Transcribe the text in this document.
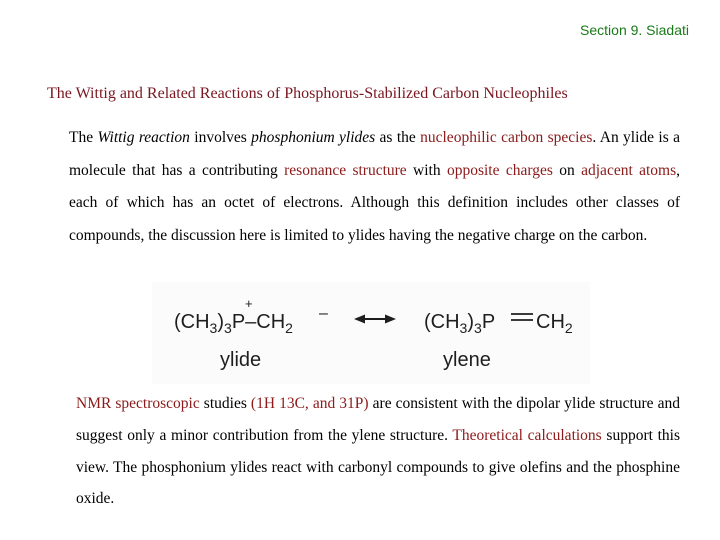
Section 9. Siadati
The Wittig and Related Reactions of Phosphorus-Stabilized Carbon Nucleophiles
The Wittig reaction involves phosphonium ylides as the nucleophilic carbon species. An ylide is a molecule that has a contributing resonance structure with opposite charges on adjacent atoms, each of which has an octet of electrons. Although this definition includes other classes of compounds, the discussion here is limited to ylides having the negative charge on the carbon.
$(CH_3)_3P-CH_2$
+
–
ylide
$(CH_3)_3P$ $CH_2$
ylene
NMR spectroscopic studies (1H 13C, and 31P) are consistent with the dipolar ylide structure and suggest only a minor contribution from the ylene structure. Theoretical calculations support this view. The phosphonium ylides react with carbonyl compounds to give olefins and the phosphine oxide.
